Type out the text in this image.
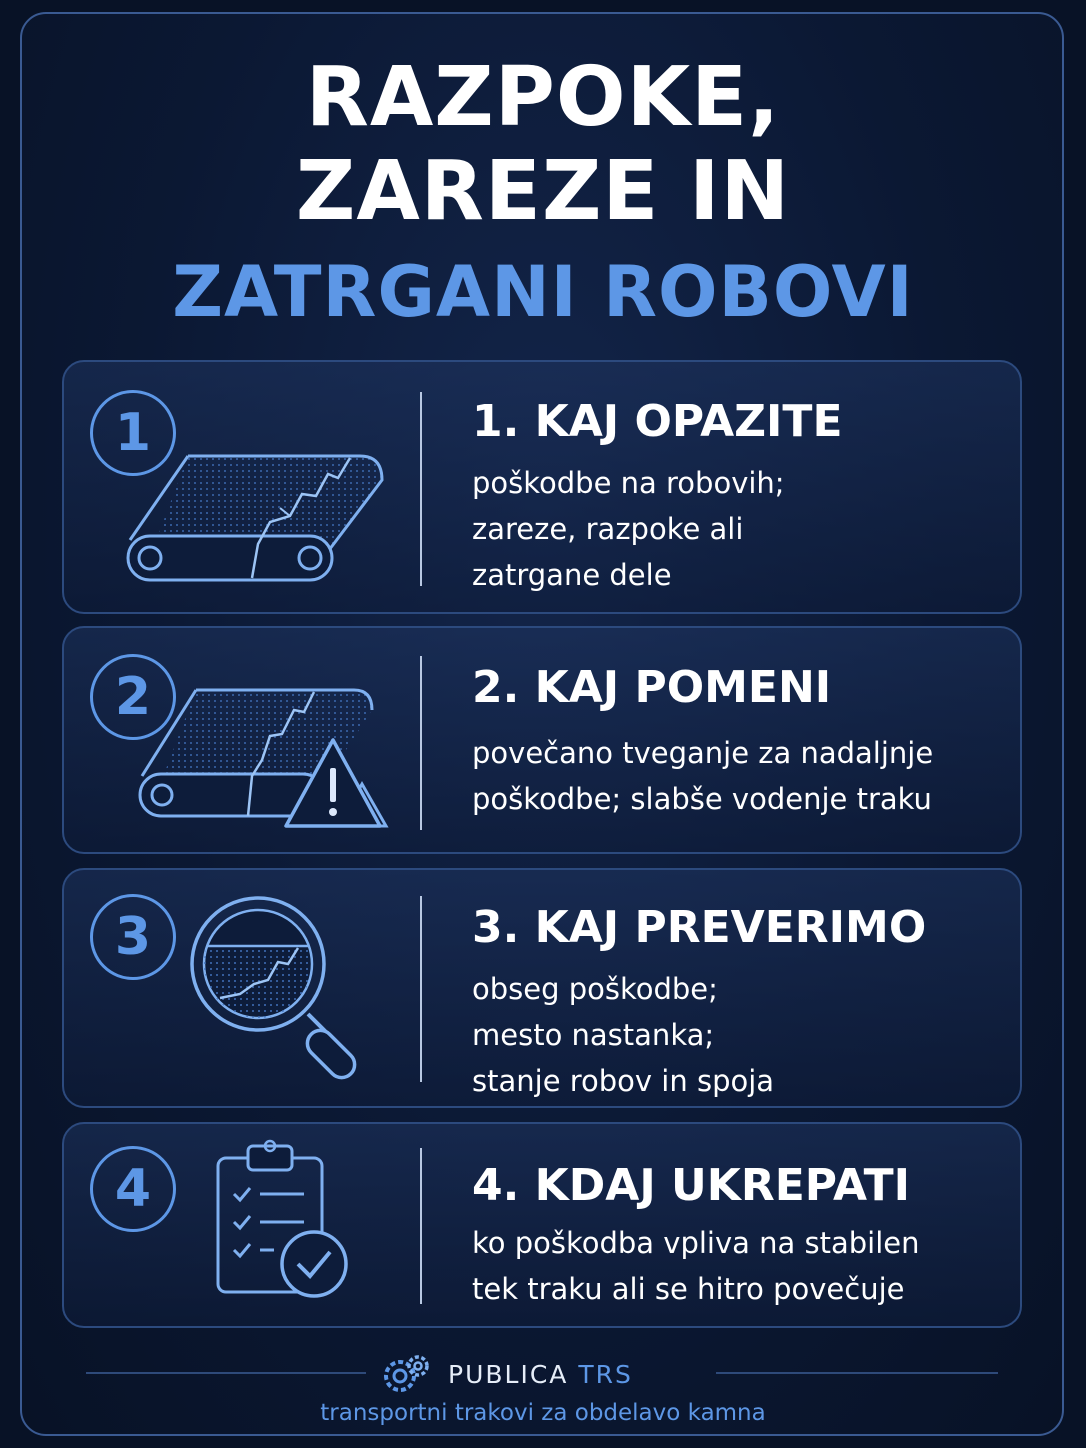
RAZPOKE,
ZAREZE IN
ZATRGANI ROBOVI
1	1. KAJ OPAZITE
poškodbe na robovih;
zareze, razpoke ali
zatrgane dele
2	2. KAJ POMENI
povečano tveganje za nadaljnje
poškodbe; slabše vodenje traku
3	3. KAJ PREVERIMO
obseg poškodbe;
mesto nastanka;
stanje robov in spoja
4	4. KDAJ UKREPATI
ko poškodba vpliva na stabilen
tek traku ali se hitro povečuje
PUBLICA TRS
transportni trakovi za obdelavo kamna
